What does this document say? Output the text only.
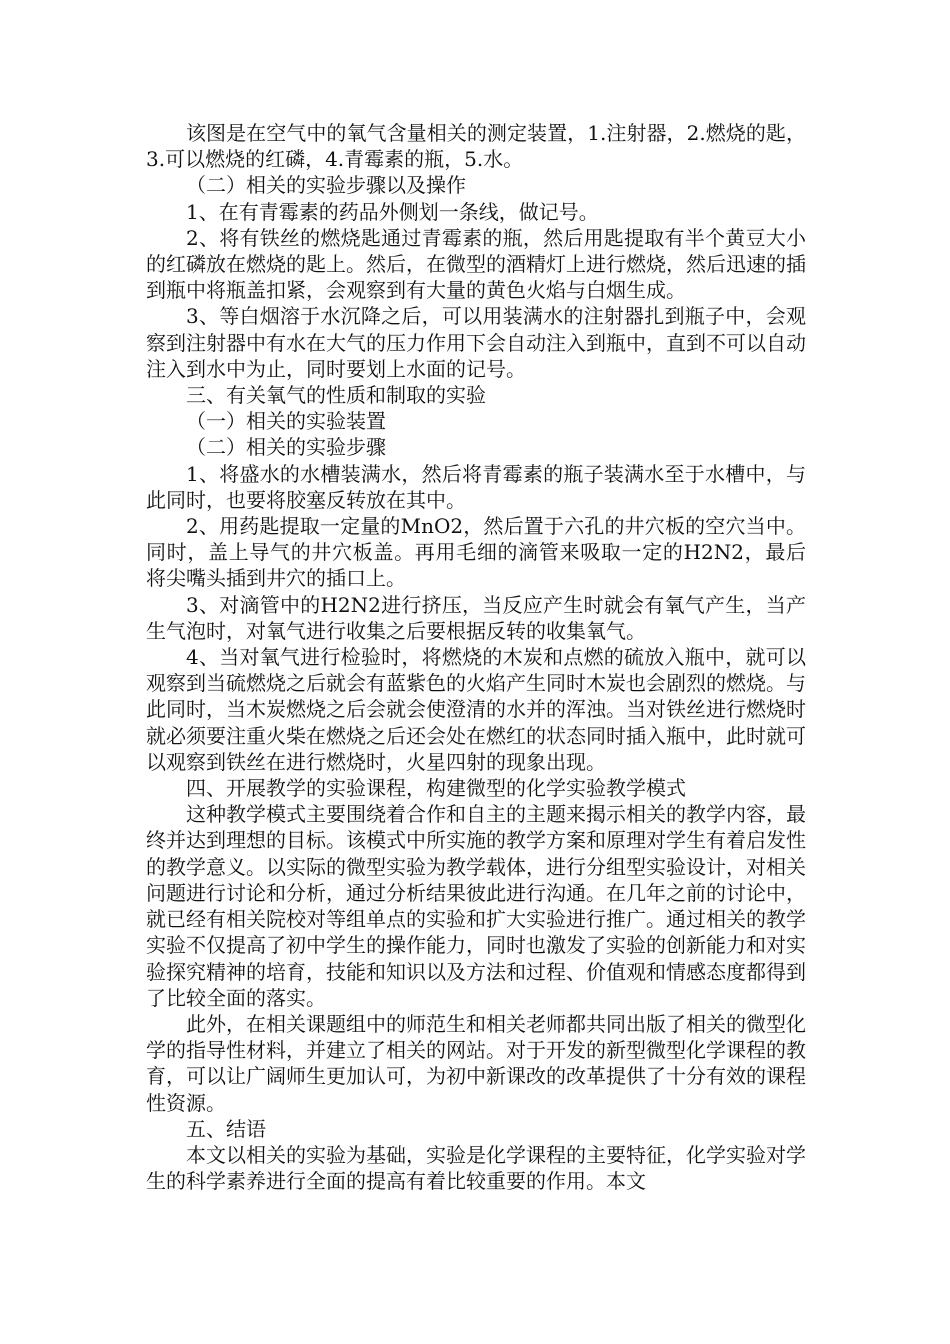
该图是在空气中的氧气含量相关的测定装置，1.注射器，2.燃烧的匙，3.可以燃烧的红磷，4.青霉素的瓶，5.水。

（二）相关的实验步骤以及操作

1、在有青霉素的药品外侧划一条线，做记号。

2、将有铁丝的燃烧匙通过青霉素的瓶，然后用匙提取有半个黄豆大小的红磷放在燃烧的匙上。然后，在微型的酒精灯上进行燃烧，然后迅速的插到瓶中将瓶盖扣紧，会观察到有大量的黄色火焰与白烟生成。

3、等白烟溶于水沉降之后，可以用装满水的注射器扎到瓶子中，会观察到注射器中有水在大气的压力作用下会自动注入到瓶中，直到不可以自动注入到水中为止，同时要划上水面的记号。

三、有关氧气的性质和制取的实验

（一）相关的实验装置

（二）相关的实验步骤

1、将盛水的水槽装满水，然后将青霉素的瓶子装满水至于水槽中，与此同时，也要将胶塞反转放在其中。

2、用药匙提取一定量的MnO2，然后置于六孔的井穴板的空穴当中。同时，盖上导气的井穴板盖。再用毛细的滴管来吸取一定的H2N2，最后将尖嘴头插到井穴的插口上。

3、对滴管中的H2N2进行挤压，当反应产生时就会有氧气产生，当产生气泡时，对氧气进行收集之后要根据反转的收集氧气。

4、当对氧气进行检验时，将燃烧的木炭和点燃的硫放入瓶中，就可以观察到当硫燃烧之后就会有蓝紫色的火焰产生同时木炭也会剧烈的燃烧。与此同时，当木炭燃烧之后会就会使澄清的水并的浑浊。当对铁丝进行燃烧时就必须要注重火柴在燃烧之后还会处在燃红的状态同时插入瓶中，此时就可以观察到铁丝在进行燃烧时，火星四射的现象出现。

四、开展教学的实验课程，构建微型的化学实验教学模式

这种教学模式主要围绕着合作和自主的主题来揭示相关的教学内容，最终并达到理想的目标。该模式中所实施的教学方案和原理对学生有着启发性的教学意义。以实际的微型实验为教学载体，进行分组型实验设计，对相关问题进行讨论和分析，通过分析结果彼此进行沟通。在几年之前的讨论中，就已经有相关院校对等组单点的实验和扩大实验进行推广。通过相关的教学实验不仅提高了初中学生的操作能力，同时也激发了实验的创新能力和对实验探究精神的培育，技能和知识以及方法和过程、价值观和情感态度都得到了比较全面的落实。

此外，在相关课题组中的师范生和相关老师都共同出版了相关的微型化学的指导性材料，并建立了相关的网站。对于开发的新型微型化学课程的教育，可以让广阔师生更加认可，为初中新课改的改革提供了十分有效的课程性资源。

五、结语

本文以相关的实验为基础，实验是化学课程的主要特征，化学实验对学生的科学素养进行全面的提高有着比较重要的作用。本文
